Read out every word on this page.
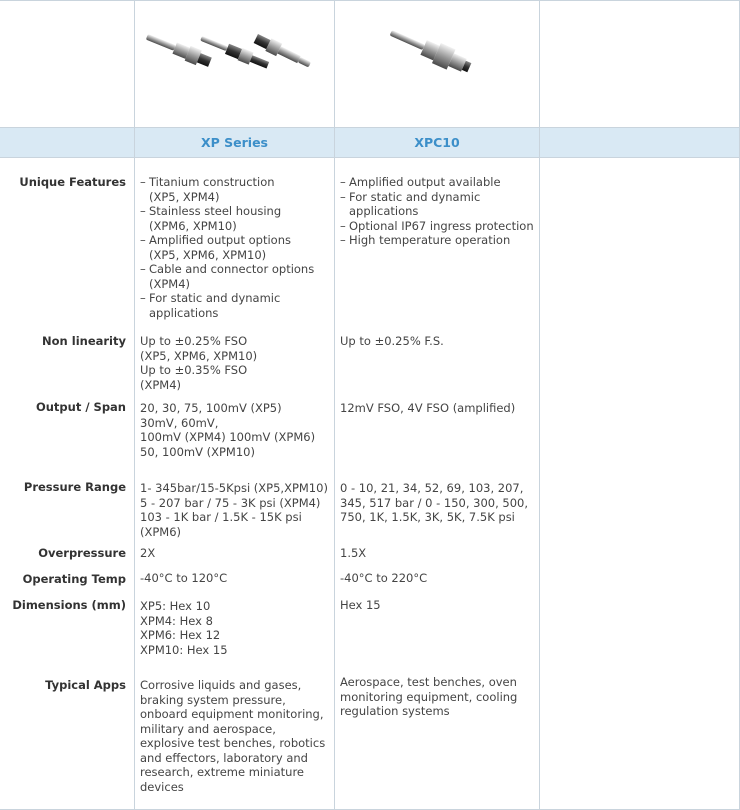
XP Series	XPC10
Unique Features
– Titanium construction
(XP5, XPM4)
– Stainless steel housing
(XPM6, XPM10)
– Amplified output options
(XP5, XPM6, XPM10)
– Cable and connector options
(XPM4)
– For static and dynamic
applications
– Amplified output available
– For static and dynamic
applications
– Optional IP67 ingress protection
– High temperature operation
Non linearity Up to ±0.25% FSO
(XP5, XPM6, XPM10)
Up to ±0.35% FSO
(XPM4)
Up to ±0.25% F.S.
Output / Span 20, 30, 75, 100mV (XP5)
30mV, 60mV,
100mV (XPM4) 100mV (XPM6)
50, 100mV (XPM10)
12mV FSO, 4V FSO (amplified)
Pressure Range 1- 345bar/15-5Kpsi (XP5,XPM10)
5 - 207 bar / 75 - 3K psi (XPM4)
103 - 1K bar / 1.5K - 15K psi
(XPM6)
0 - 10, 21, 34, 52, 69, 103, 207,
345, 517 bar / 0 - 150, 300, 500,
750, 1K, 1.5K, 3K, 5K, 7.5K psi
Overpressure 2X	1.5X
Operating Temp -40°C to 120°C	-40°C to 220°C
Dimensions (mm) XP5: Hex 10
XPM4: Hex 8
XPM6: Hex 12
XPM10: Hex 15
Hex 15
Typical Apps Corrosive liquids and gases,
braking system pressure,
onboard equipment monitoring,
military and aerospace,
explosive test benches, robotics
and effectors, laboratory and
research, extreme miniature
devices
Aerospace, test benches, oven
monitoring equipment, cooling
regulation systems
